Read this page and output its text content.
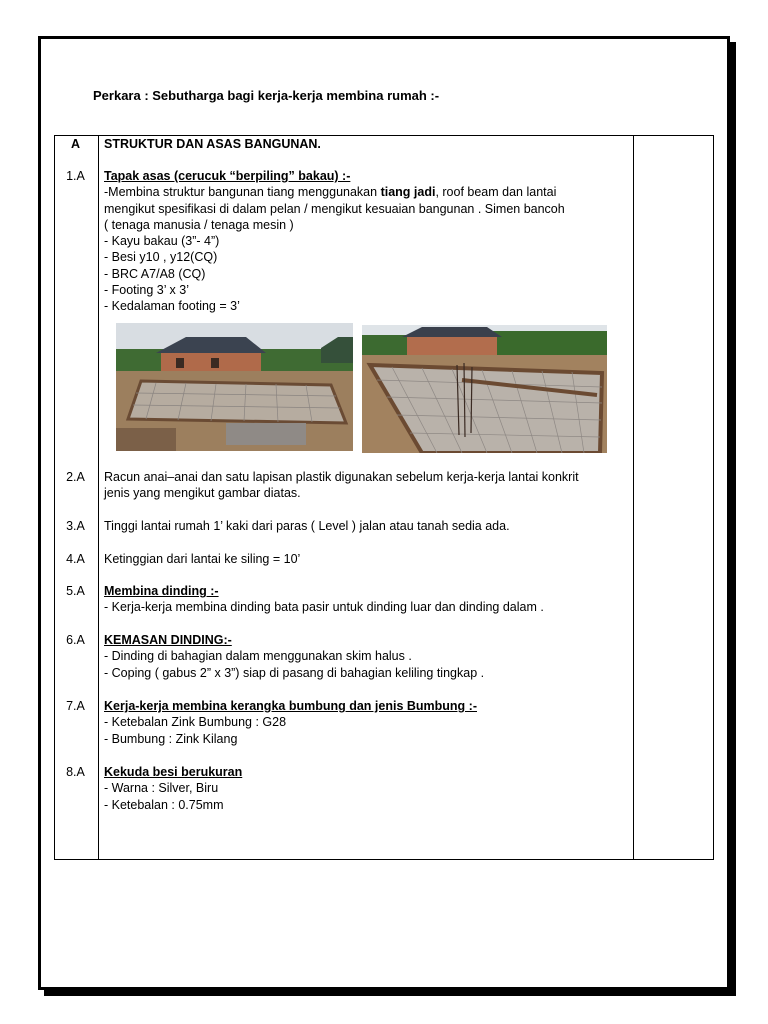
Perkara : Sebutharga bagi kerja-kerja membina rumah :-
A	STRUKTUR DAN ASAS BANGUNAN.
1.A	Tapak asas (cerucuk “berpiling” bakau) :-
-Membina struktur bangunan tiang menggunakan tiang jadi, roof beam dan lantai
mengikut spesifikasi di dalam pelan / mengikut kesuaian bangunan . Simen bancoh
( tenaga manusia / tenaga mesin )
- Kayu bakau (3”- 4”)
- Besi y10 , y12(CQ)
- BRC A7/A8 (CQ)
- Footing 3’ x 3’
- Kedalaman footing = 3’
2.A	Racun anai–anai dan satu lapisan plastik digunakan sebelum kerja-kerja lantai konkrit
jenis yang mengikut gambar diatas.
3.A	Tinggi lantai rumah 1’ kaki dari paras ( Level ) jalan atau tanah sedia ada.
4.A	Ketinggian dari lantai ke siling = 10’
5.A	Membina dinding :-
- Kerja-kerja membina dinding bata pasir untuk dinding luar dan dinding dalam .
6.A	KEMASAN DINDING:-
- Dinding di bahagian dalam menggunakan skim halus .
- Coping ( gabus 2” x 3”) siap di pasang di bahagian keliling tingkap .
7.A	Kerja-kerja membina kerangka bumbung dan jenis Bumbung :-
- Ketebalan Zink Bumbung : G28
- Bumbung : Zink Kilang
8.A	Kekuda besi berukuran
- Warna : Silver, Biru
- Ketebalan : 0.75mm
